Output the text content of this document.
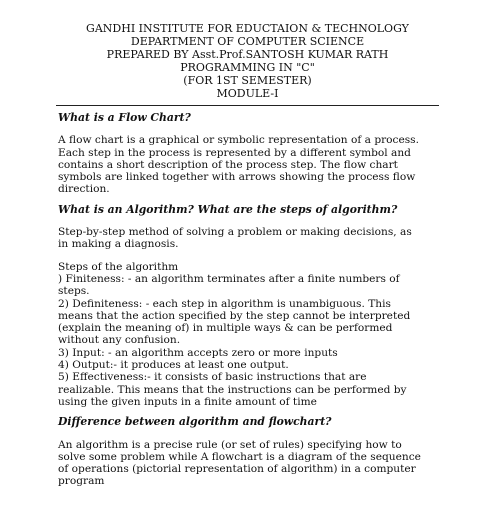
GANDHI INSTITUTE FOR EDUCTAION & TECHNOLOGY
DEPARTMENT OF COMPUTER SCIENCE
PREPARED BY Asst.Prof.SANTOSH KUMAR RATH
PROGRAMMING IN "C"
(FOR 1ST SEMESTER)
MODULE-I

What is a Flow Chart?

A flow chart is a graphical or symbolic representation of a process.
Each step in the process is represented by a different symbol and
contains a short description of the process step. The flow chart
symbols are linked together with arrows showing the process flow
direction.

What is an Algorithm? What are the steps of algorithm?

Step-by-step method of solving a problem or making decisions, as
in making a diagnosis.
Steps of the algorithm
) Finiteness: - an algorithm terminates after a finite numbers of
steps.
2) Definiteness: - each step in algorithm is unambiguous. This
means that the action specified by the step cannot be interpreted
(explain the meaning of) in multiple ways & can be performed
without any confusion.
3) Input: - an algorithm accepts zero or more inputs
4) Output:- it produces at least one output.
5) Effectiveness:- it consists of basic instructions that are
realizable. This means that the instructions can be performed by
using the given inputs in a finite amount of time

Difference between algorithm and flowchart?

An algorithm is a precise rule (or set of rules) specifying how to
solve some problem while A flowchart is a diagram of the sequence
of operations (pictorial representation of algorithm) in a computer
program
